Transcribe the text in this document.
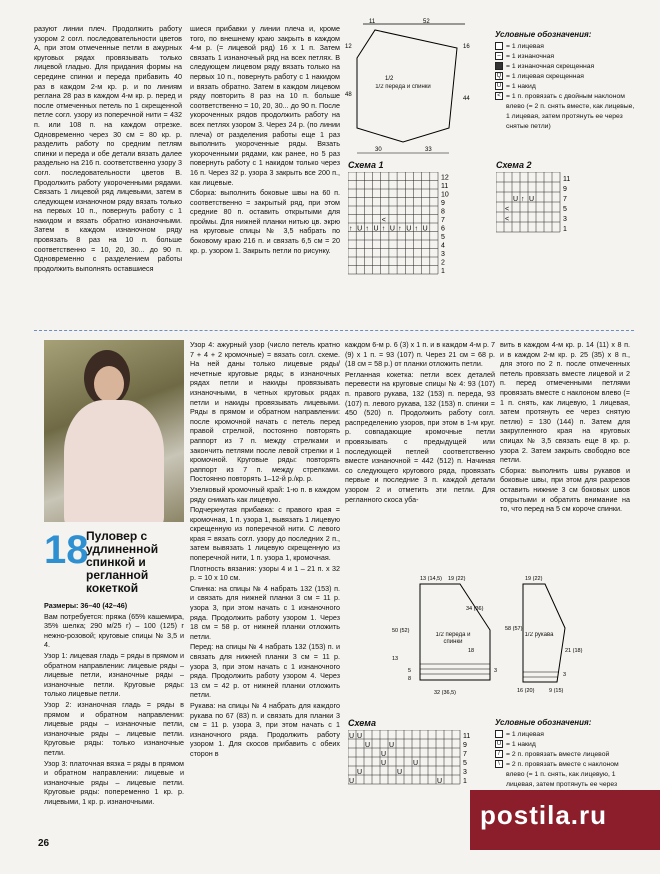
разуют линии плеч. Продолжить работу узором 2 согл. последовательности цветов А, при этом отмеченные петли в ажурных круговых рядах провязывать только лицевой гладью. Для придания формы на середине спинки и переда прибавить 40 раз в каждом 2-м кр. р. и по линиям реглана 28 раз в каждом 4-м кр. р. перед и после отмеченных петель по 1 скрещенной петле согл. узору из поперечной нити = 432 п. или 108 п. на каждом отрезке. Одновременно через 30 см = 80 кр. р. разделить работу по средним петлям спинки и переда и обе детали вязать далее раздельно на 216 п. соответственно узору 3 согл. последовательности цветов В. Продолжить работу укороченными рядами. Связать 1 лицевой ряд лицевыми, затем в следующем изнаночном ряду вязать только на первых 10 п., повернуть работу с 1 накидом и вязать обратно изнаночными. Затем в каждом изнаночном ряду провязать 8 раз на 10 п. больше соответственно = 10, 20, 30... до 90 п. Одновременно с разделением работы продолжить выполнять оставшиеся

шиеся прибавки у линии плеча и, кроме того, по внешнему краю закрыть в каждом 4-м р. (= лицевой ряд) 16 х 1 п. Затем связать 1 изнаночный ряд на всех петлях. В следующем лицевом ряду вязать только на первых 10 п., повернуть работу с 1 накидом и вязать обратно. Затем в каждом лицевом ряду повторить 8 раз на 10 п. больше соответственно = 10, 20, 30... до 90 п. После укороченных рядов продолжить работу на всех петлях узором 3. Через 24 р. (по линии плеча) от разделения работы еще 1 раз выполнить укороченные ряды. Вязать укороченными рядами, как ранее, но 5 раз повернуть работу с 1 накидом только через 16 п. Через 32 р. узора 3 закрыть все 200 п., как лицевые.

Сборка: выполнить боковые швы на 60 п. соответственно = закрытый ряд, при этом средние 80 п. оставить открытыми для проймы. Для нижней планки нитью цв. экрю на круговые спицы № 3,5 набрать по боковому краю 216 п. и связать 6,5 см = 20 кр. р. узором 1. Закрыть петли по рисунку.

11	52
12	16
48
44
30	33
1/2
1/2 переда и спинки
Условные обозначения:
= 1 лицевая
– = 1 изнаночная
= 1 изнаночная скрещенная
Q = 1 лицевая скрещенная
U = 1 накид
< = 1 п. провязать с двойным наклоном влево (= 2 п. снять вместе, как лицевые, 1 лицевая, затем протянуть ее через снятые петли)
Схема 1
12
11
10
9
8
7
6
5
4
3
2
1
<
↑ U ↑ U ↑ U ↑ U ↑ U
Схема 2
11
9
7
5
3
1
U ↑ U
<
<
18
Пуловер с удлиненной спинкой и регланной кокеткой

Размеры: 36–40 (42–46)

Вам потребуется: пряжа (65% кашемира, 35% шелка; 290 м/25 г) – 100 (125) г нежно-розовой; круговые спицы № 3,5 и 4.

Узор 1: лицевая гладь = ряды в прямом и обратном направлении: лицевые ряды – лицевые петли, изнаночные ряды – изнаночные петли. Круговые ряды: только лицевые петли.

Узор 2: изнаночная гладь = ряды в прямом и обратном направлении: лицевые ряды – изнаночные петли, изнаночные ряды – лицевые петли. Круговые ряды: только изнаночные петли.

Узор 3: платочная вязка = ряды в прямом и обратном направлении: лицевые и изнаночные ряды – лицевые петли. Круговые ряды: попеременно 1 кр. р. лицевыми, 1 кр. р. изнаночными.

Узор 4: ажурный узор (число петель кратно 7 + 4 + 2 кромочные) = вязать согл. схеме. На ней даны только лицевые ряды/нечетные круговые ряды; в изнаночных рядах петли и накиды провязывать изнаночными, в четных круговых рядах петли и накиды провязывать лицевыми. Ряды в прямом и обратном направлении: после кромочной начать с петель перед правой стрелкой, постоянно повторять раппорт из 7 п. между стрелками и закончить петлями после левой стрелки и 1 кромочной. Круговые ряды: повторять раппорт из 7 п. между стрелками. Постоянно повторять 1–12-й р./кр. р.

Узелковый кромочный край: 1-ю п. в каждом ряду снимать как лицевую.

Подчеркнутая прибавка: с правого края = кромочная, 1 п. узора 1, вывязать 1 лицевую скрещенную из поперечной нити. С левого края = вязать согл. узору до последних 2 п., затем вывязать 1 лицевую скрещенную из поперечной нити, 1 п. узора 1, кромочная.

Плотность вязания: узоры 4 и 1 – 21 п. х 32 р. = 10 х 10 см.

Спинка: на спицы № 4 набрать 132 (153) п. и связать для нижней планки 3 см = 11 р. узора 3, при этом начать с 1 изнаночного ряда. Продолжить работу узором 1. Через 18 см = 58 р. от нижней планки отложить петли.

Перед: на спицы № 4 набрать 132 (153) п. и связать для нижней планки 3 см = 11 р. узора 3, при этом начать с 1 изнаночного ряда. Продолжить работу узором 4. Через 13 см = 42 р. от нижней планки отложить петли.

Рукава: на спицы № 4 набрать для каждого рукава по 67 (83) п. и связать для планки 3 см = 11 р. узора 3, при этом начать с 1 изнаночного ряда. Продолжить работу узором 1. Для скосов прибавить с обеих сторон в

каждом 6-м р. 6 (3) х 1 п. и в каждом 4-м р. 7 (9) х 1 п. = 93 (107) п. Через 21 см = 68 р. (18 см = 58 р.) от планки отложить петли.

Регланная кокетка: петли всех деталей перевести на круговые спицы № 4: 93 (107) п. правого рукава, 132 (153) п. переда, 93 (107) п. левого рукава, 132 (153) п. спинки = 450 (520) п. Продолжить работу согл. распределению узоров, при этом в 1-м круг. р. совпадающие кромочные петли провязывать с предыдущей или последующей петлей соответственно вместе изнаночной = 442 (512) п. Начиная со следующего кругового ряда, провязать первые и последние 3 п. каждой детали узором 2 и отметить эти петли. Для регланного скоса уба-

вить в каждом 4-м кр. р. 14 (11) х 8 п. и в каждом 2-м кр. р. 25 (35) х 8 п., для этого по 2 п. после отмеченных петель провязать вместе лицевой и 2 п. перед отмеченными петлями провязать вместе с наклоном влево (= 1 п. снять, как лицевую, 1 лицевая, затем протянуть ее через снятую петлю) = 130 (144) п. Затем для закругленного края на круговых спицах № 3,5 связать еще 8 кр. р. узора 2. Затем закрыть свободно все петли.

Сборка: выполнить швы рукавов и боковые швы, при этом для разрезов оставить нижние 3 см боковых швов открытыми и обратить внимание на то, что перед на 5 см короче спинки.

13 (14,5) 19 (22)
34 (36)
50 (52)
13
18
3
32 (36,5)
5
8
1/2 переда и спинки
19 (22)
58 (57)
21 (18)
3
16 (20)	9 (15)
1/2 рукава
Схема
11
9
7
5
3
1
U U
U	U
U
U	U
U	U
U	U
Условные обозначения:
= 1 лицевая
U = 1 накид
/ = 2 п. провязать вместе лицевой
\ = 2 п. провязать вместе с наклоном влево (= 1 п. снять, как лицевую, 1 лицевая, затем протянуть ее через
26
postila.ru
